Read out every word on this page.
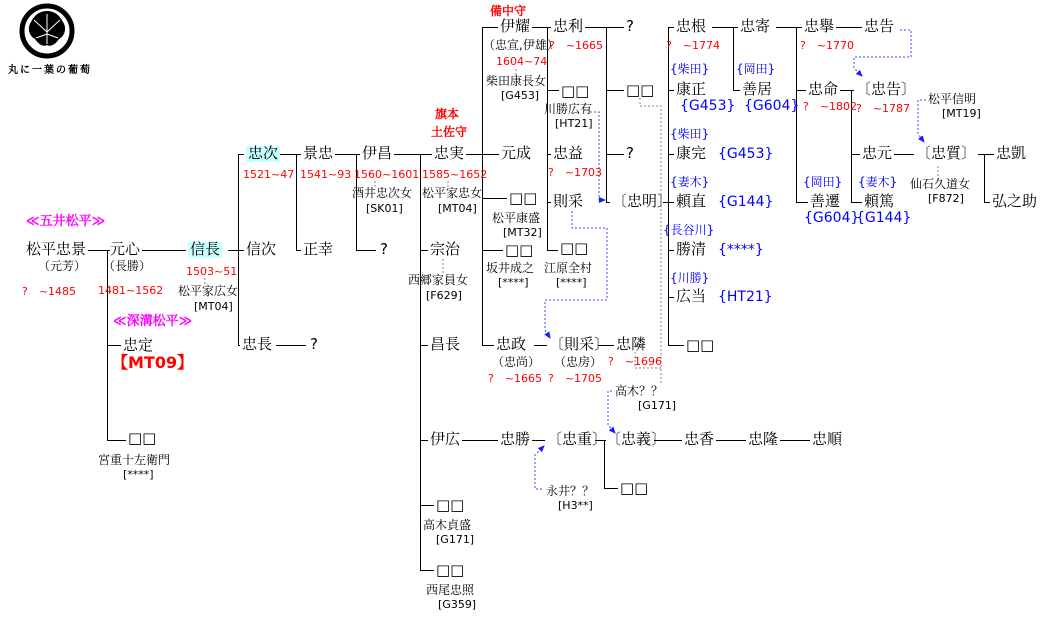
丸に一葉の葡萄
≪五井松平≫
松平忠景
（元芳）
?　~1485
元心
（長勝）
1481~1562
信長
1503~51
松平家広女
[MT04]
≪深溝松平≫
忠定
【MT09】
□□
宮重十左衛門
[****]
忠次
1521~47
信次
忠長	?
景忠
1541~93
正幸
伊昌
1560~1601
酒井忠次女
[SK01]
?
旗本
土佐守
忠実
1585~1652
松平家忠女
[MT04]
宗治
西郷家員女
[F629]
昌長
伊広
□□
高木貞盛
[G171]
□□
西尾忠照
[G359]
備中守
伊耀
（忠宣,伊雄）
1604~74
柴田康長女
[G453]
元成
□□
松平康盛
[MT32]
□□
坂井成之
[****]
忠政
（忠尚）
?　~1665
忠利
?　~1665
□□
川勝広有
[HT21]
忠益
?　~1703
則采
□□
江原全村
[****]
?
□□
?
〔忠明〕
〔則采〕
（忠房）
?　~1705
忠隣
?　~1696
高木？？
[G171]
忠勝 〔忠重〕
永井？？
[H3**]
〔忠義〕
□□
忠香 忠隆 忠順
忠根
?　~1774
{柴田}
康正
{G453}
{柴田}
康完 {G453}
{妻木}
頼直 {G144}
{長谷川}
勝清 {****}
{川勝}
広当 {HT21}
□□
忠寄
{岡田}
善居
{G604}
忠擧
?　~1770
忠命
?　~1802
{岡田}
善遷
{G604}
忠告
〔忠告〕
?　~1787
松平信明
[MT19]
忠元
{妻木}
頼篤
{G144}
〔忠質〕
仙石久道女
[F872]
忠凱
弘之助
